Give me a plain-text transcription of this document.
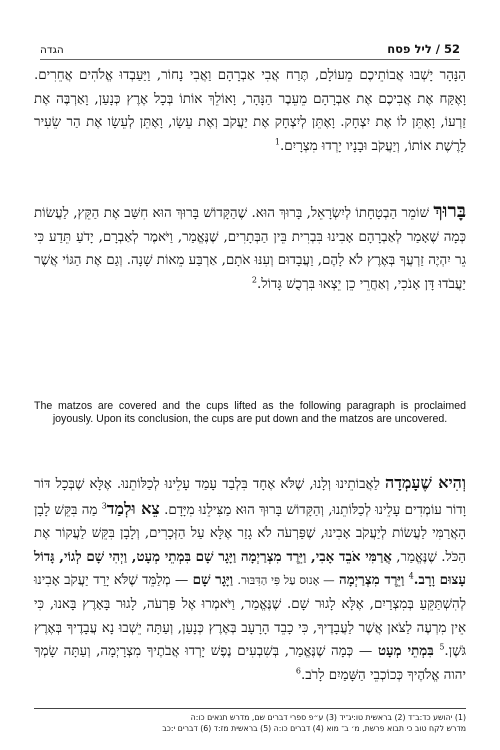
52 / ליל פסח
הגדה
הַנָּהָר יָשְׁבוּ אֲבוֹתֵיכֶם מֵעוֹלָם, תֶּרַח אֲבִי אַבְרָהָם וַאֲבִי נָחוֹר, וַיַּעַבְדוּ אֱלֹהִים אֲחֵרִים. וָאֶקַּח אֶת אֲבִיכֶם אֶת אַבְרָהָם מֵעֵבֶר הַנָּהָר, וָאוֹלֵךְ אוֹתוֹ בְּכָל אֶרֶץ כְּנָעַן, וָאַרְבֶּה אֶת זַרְעוֹ, וָאֶתֵּן לוֹ אֶת יִצְחָק. וָאֶתֵּן לְיִצְחָק אֶת יַעֲקֹב וְאֶת עֵשָׂו, וָאֶתֵּן לְעֵשָׂו אֶת הַר שֵׂעִיר לָרֶשֶׁת אוֹתוֹ, וְיַעֲקֹב וּבָנָיו יָרְדוּ מִצְרָיִם.$^1$
בָּרוּךְ שׁוֹמֵר הַבְטָחָתוֹ לְיִשְׂרָאֵל, בָּרוּךְ הוּא. שֶׁהַקָּדוֹשׁ בָּרוּךְ הוּא חִשַּׁב אֶת הַקֵּץ, לַעֲשׂוֹת כְּמָה שֶׁאָמַר לְאַבְרָהָם אָבִינוּ בִּבְרִית בֵּין הַבְּתָרִים, שֶׁנֶּאֱמַר, וַיֹּאמֶר לְאַבְרָם, יָדֹעַ תֵּדַע כִּי גֵר יִהְיֶה זַרְעֲךָ בְּאֶרֶץ לֹא לָהֶם, וַעֲבָדוּם וְעִנּוּ אֹתָם, אַרְבַּע מֵאוֹת שָׁנָה. וְגַם אֶת הַגּוֹי אֲשֶׁר יַעֲבֹדוּ דָּן אָנֹכִי, וְאַחֲרֵי כֵן יֵצְאוּ בִּרְכֻשׁ גָּדוֹל.$^2$
The matzos are covered and the cups lifted as the following paragraph is proclaimed joyously. Upon its conclusion, the cups are put down and the matzos are uncovered.
וְהִיא שֶׁעָמְדָה לַאֲבוֹתֵינוּ וְלָנוּ, שֶׁלֹּא אֶחָד בִּלְבַד עָמַד עָלֵינוּ לְכַלּוֹתֵנוּ. אֶלָּא שֶׁבְּכָל דּוֹר וָדוֹר עוֹמְדִים עָלֵינוּ לְכַלּוֹתֵנוּ, וְהַקָּדוֹשׁ בָּרוּךְ הוּא מַצִּילֵנוּ מִיָּדָם. צֵא וּלְמַד$^3$ מַה בִּקֵּשׁ לָבָן הָאֲרַמִּי לַעֲשׂוֹת לְיַעֲקֹב אָבִינוּ, שֶׁפַּרְעֹה לֹא גָזַר אֶלָּא עַל הַזְּכָרִים, וְלָבָן בִּקֵּשׁ לַעֲקוֹר אֶת הַכֹּל. שֶׁנֶּאֱמַר, אֲרַמִּי אֹבֵד אָבִי, וַיֵּרֶד מִצְרַיְמָה וַיָּגָר שָׁם בִּמְתֵי מְעָט, וַיְהִי שָׁם לְגוֹי, גָּדוֹל עָצוּם וָרָב.$^4$ וַיֵּרֶד מִצְרַיְמָה — אָנוּס עַל פִּי הַדִּבּוּר. וַיָּגָר שָׁם — מְלַמֵּד שֶׁלֹּא יָרַד יַעֲקֹב אָבִינוּ לְהִשְׁתַּקֵּעַ בְּמִצְרַיִם, אֶלָּא לָגוּר שָׁם. שֶׁנֶּאֱמַר, וַיֹּאמְרוּ אֶל פַּרְעֹה, לָגוּר בָּאָרֶץ בָּאנוּ, כִּי אֵין מִרְעֶה לַצֹּאן אֲשֶׁר לַעֲבָדֶיךָ, כִּי כָבֵד הָרָעָב בְּאֶרֶץ כְּנָעַן, וְעַתָּה יֵשְׁבוּ נָא עֲבָדֶיךָ בְּאֶרֶץ גֹּשֶׁן.$^5$ בִּמְתֵי מְעָט — כְּמָה שֶׁנֶּאֱמַר, בְּשִׁבְעִים נֶפֶשׁ יָרְדוּ אֲבֹתֶיךָ מִצְרָיְמָה, וְעַתָּה שָׂמְךָ יהוה אֱלֹהֶיךָ כְּכוֹכְבֵי הַשָּׁמַיִם לָרֹב.$^6$
(1) יהושע כד:ב־ד (2) בראשית טו:יג־יד (3) ע״פ ספרי דברים שם, מדרש תנאים כו:ה
מדרש לקח טוב כי תבוא פרשת, מ׳ ב־ מוא (4) דברים כו:ה (5) בראשית מז:ד (6) דברים י:כב
